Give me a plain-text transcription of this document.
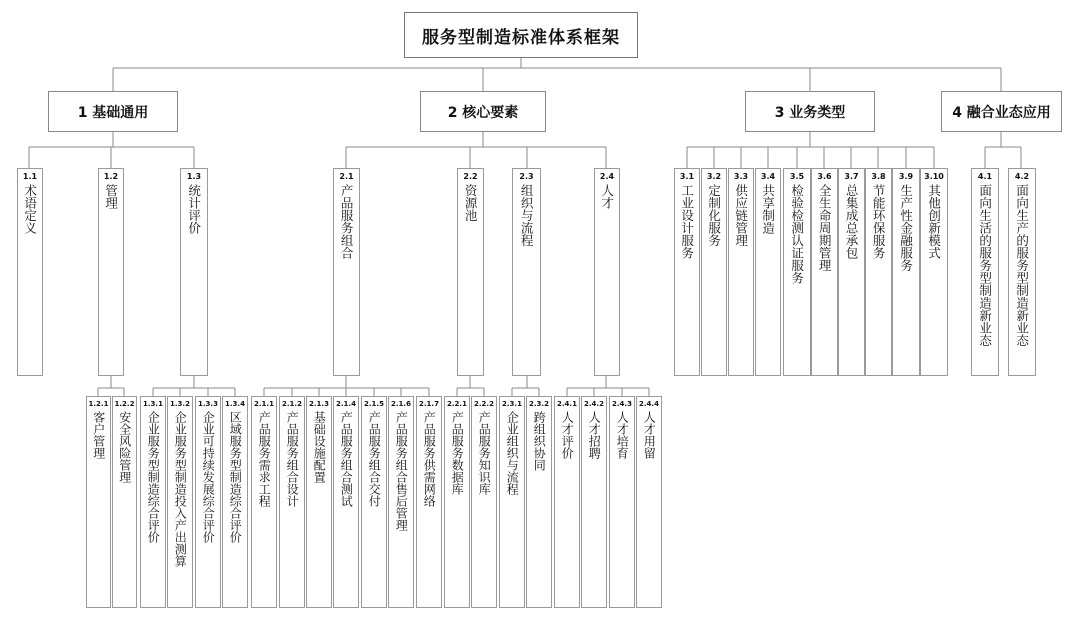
服务型制造标准体系框架
1 基础通用	2 核心要素	3 业务类型	4 融合业态应用
1.1
术语定义
1.2
管理
1.3
统计评价
2.1
产品服务组合
2.2
资源池
2.3
组织与流程
2.4
人才
3.1
工业设计服务
3.2
定制化服务
3.3
供应链管理
3.4
共享制造
3.5
检验检测认证服务
3.6
全生命周期管理
3.7
总集成总承包
3.8
节能环保服务
3.9
生产性金融服务
3.10
其他创新模式
4.1
面向生活的服务型制造新业态
4.2
面向生产的服务型制造新业态
1.2.1
客户管理
1.2.2
安全风险管理
1.3.1
企业服务型制造综合评价
1.3.2
企业服务型制造投入产出测算
1.3.3
企业可持续发展综合评价
1.3.4
区域服务型制造综合评价
2.1.1
产品服务需求工程
2.1.2
产品服务组合设计
2.1.3
基础设施配置
2.1.4
产品服务组合测试
2.1.5
产品服务组合交付
2.1.6
产品服务组合售后管理
2.1.7
产品服务供需网络
2.2.1
产品服务数据库
2.2.2
产品服务知识库
2.3.1
企业组织与流程
2.3.2
跨组织协同
2.4.1
人才评价
2.4.2
人才招聘
2.4.3
人才培育
2.4.4
人才用留
